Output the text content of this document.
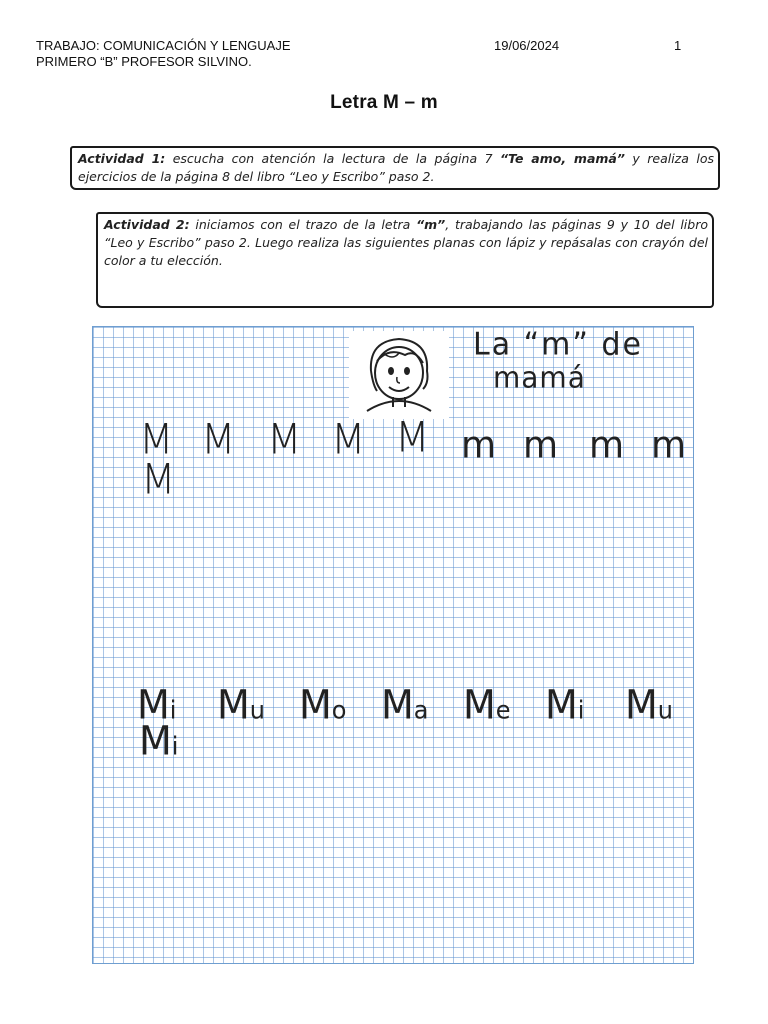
TRABAJO: COMUNICACIÓN Y LENGUAJE
PRIMERO “B” PROFESOR SILVINO.
19/06/2024	1
Letra M – m
Actividad 1: escucha con atención la lectura de la página 7 “Te amo, mamá” y realiza los ejercicios de la página 8 del libro “Leo y Escribo” paso 2.
Actividad 2: iniciamos con el trazo de la letra “m”, trabajando las páginas 9 y 10 del libro “Leo y Escribo” paso 2. Luego realiza las siguientes planas con lápiz y repásalas con crayón del color a tu elección.
La “m” de
mamá
M M M M M m m m m
M
Mi Mu Mo Ma Me Mi Mu
Mi
